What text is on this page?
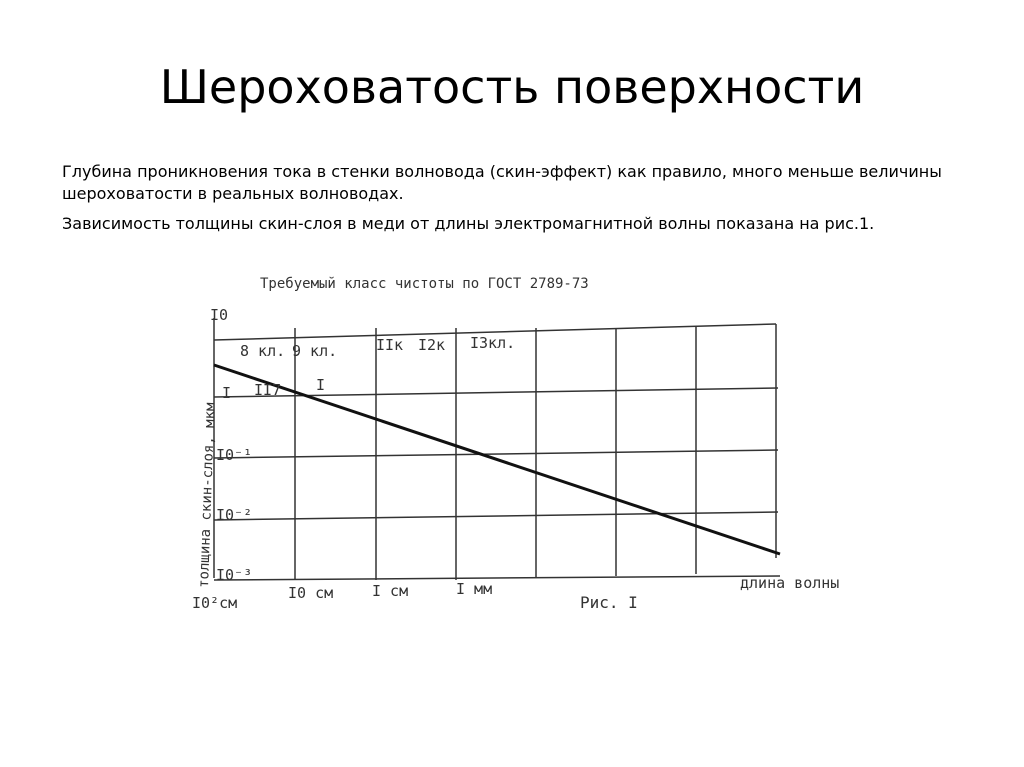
Шероховатость поверхности

Глубина проникновения тока в стенки волновода (скин-эффект) как правило, много меньше величины шероховатости в реальных волноводах.

Зависимость толщины скин-слоя в меди от длины электромагнитной волны показана на рис.1.

Требуемый класс чистоты по ГОСТ 2789-73
толщина скин-слоя, мкм
I0
I
I0⁻¹
I0⁻²
I0⁻³
8 кл. 9 кл.	IIк I2к I3кл.
II7 I
I0²см
I0 см	I см	I мм	длина волны
Рис. I
